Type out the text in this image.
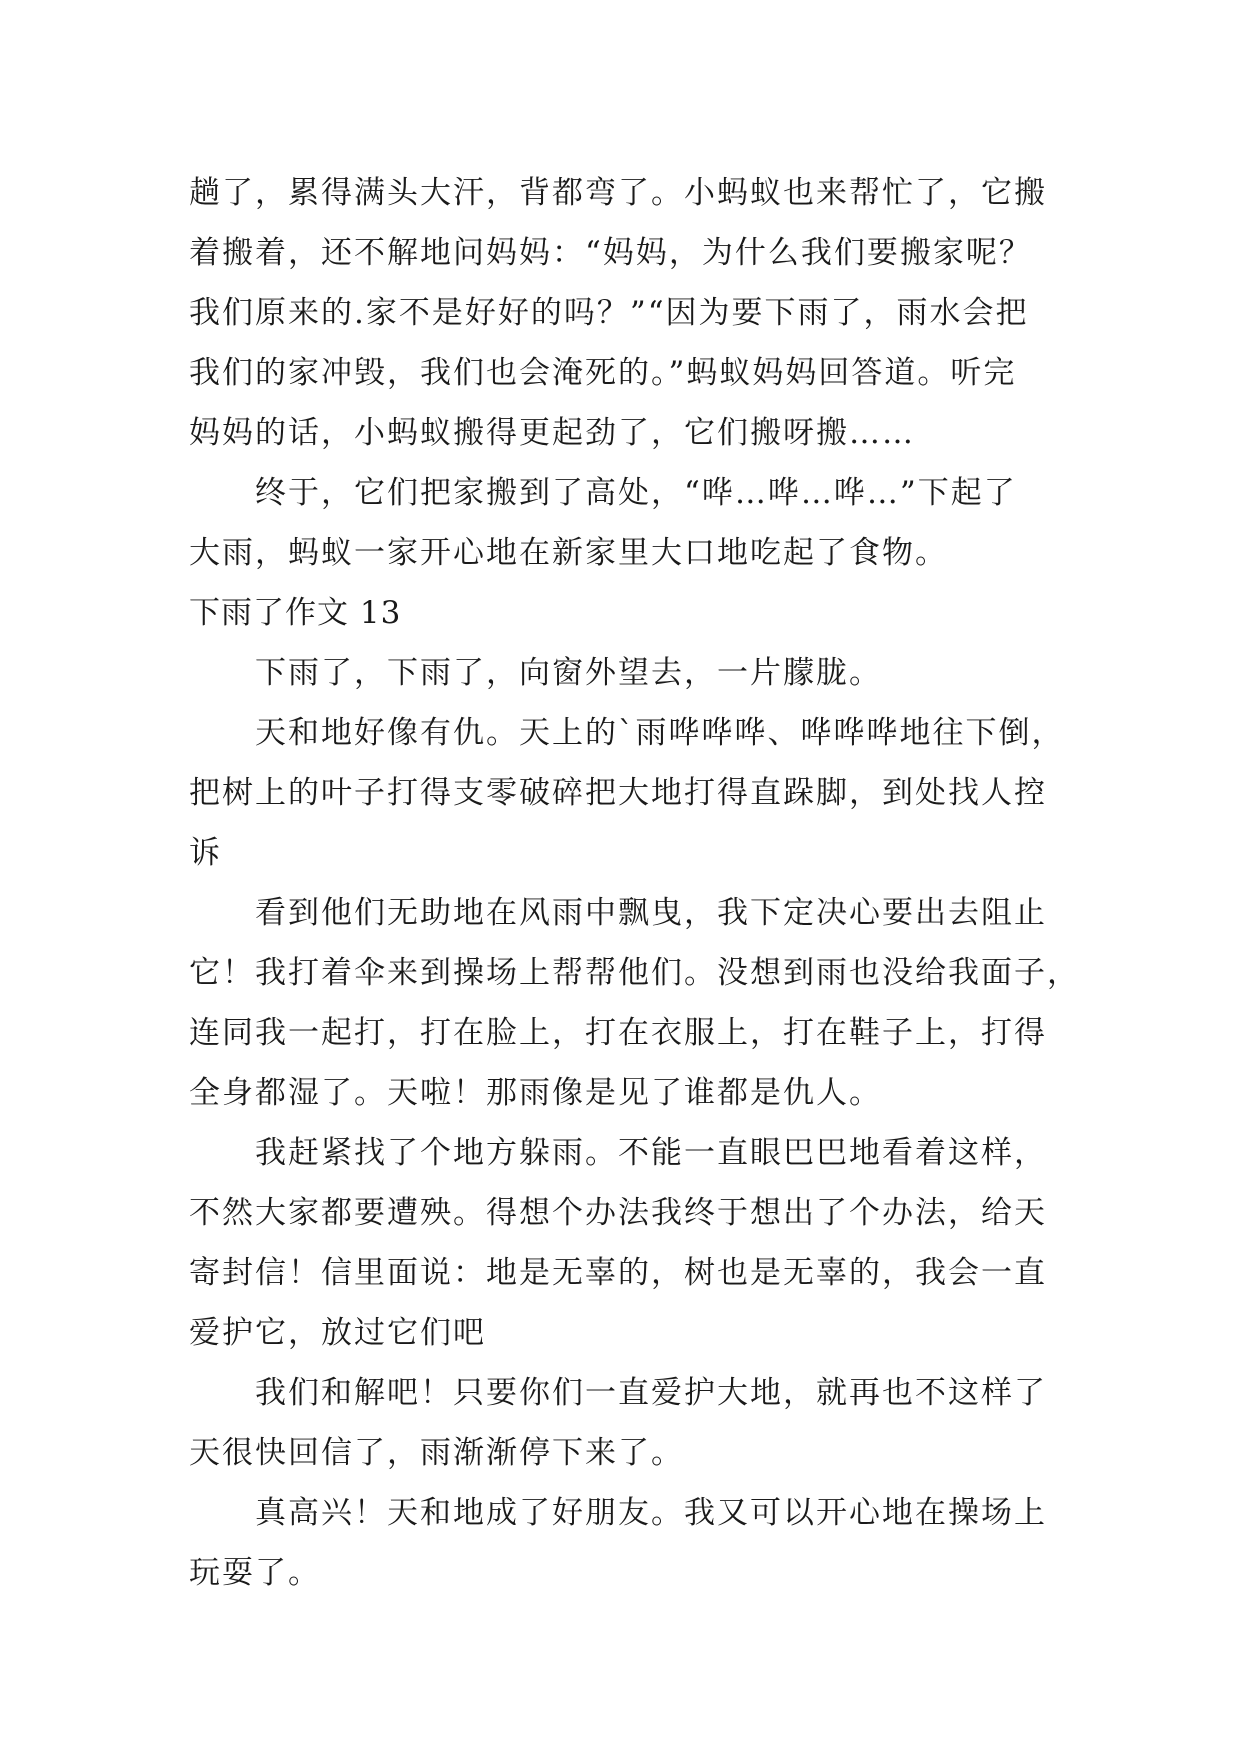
趟了，累得满头大汗，背都弯了。小蚂蚁也来帮忙了，它搬
着搬着，还不解地问妈妈：“妈妈，为什么我们要搬家呢？
我们原来的.家不是好好的吗？”“因为要下雨了，雨水会把
我们的家冲毁，我们也会淹死的。”蚂蚁妈妈回答道。听完
妈妈的话，小蚂蚁搬得更起劲了，它们搬呀搬……

终于，它们把家搬到了高处，“哗…哗…哗…”下起了
大雨，蚂蚁一家开心地在新家里大口地吃起了食物。

下雨了作文 13

下雨了，下雨了，向窗外望去，一片朦胧。

天和地好像有仇。天上的`雨哗哗哗、哗哗哗地往下倒，
把树上的叶子打得支零破碎把大地打得直跺脚，到处找人控
诉

看到他们无助地在风雨中飘曳，我下定决心要出去阻止
它！我打着伞来到操场上帮帮他们。没想到雨也没给我面子，
连同我一起打，打在脸上，打在衣服上，打在鞋子上，打得
全身都湿了。天啦！那雨像是见了谁都是仇人。

我赶紧找了个地方躲雨。不能一直眼巴巴地看着这样，
不然大家都要遭殃。得想个办法我终于想出了个办法，给天
寄封信！信里面说：地是无辜的，树也是无辜的，我会一直
爱护它，放过它们吧

我们和解吧！只要你们一直爱护大地，就再也不这样了
天很快回信了，雨渐渐停下来了。

真高兴！天和地成了好朋友。我又可以开心地在操场上
玩耍了。
